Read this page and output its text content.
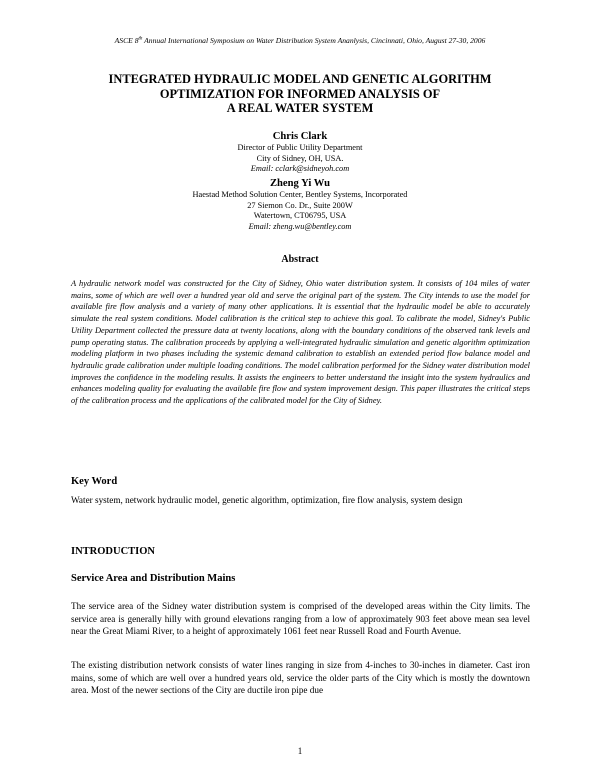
ASCE 8th Annual International Symposium on Water Distribution System Ananlysis, Cincinnati, Ohio, August 27-30, 2006
INTEGRATED HYDRAULIC MODEL AND GENETIC ALGORITHM
OPTIMIZATION FOR INFORMED ANALYSIS OF
A REAL WATER SYSTEM
Chris Clark
Director of Public Utility Department
City of Sidney, OH, USA.
Email: cclark@sidneyoh.com
Zheng Yi Wu
Haestad Method Solution Center, Bentley Systems, Incorporated
27 Siemon Co. Dr., Suite 200W
Watertown, CT06795, USA
Email: zheng.wu@bentley.com
Abstract
A hydraulic network model was constructed for the City of Sidney, Ohio water distribution system. It consists of 104 miles of water mains, some of which are well over a hundred year old and serve the original part of the system. The City intends to use the model for available fire flow analysis and a variety of many other applications. It is essential that the hydraulic model be able to accurately simulate the real system conditions. Model calibration is the critical step to achieve this goal. To calibrate the model, Sidney's Public Utility Department collected the pressure data at twenty locations, along with the boundary conditions of the observed tank levels and pump operating status. The calibration proceeds by applying a well-integrated hydraulic simulation and genetic algorithm optimization modeling platform in two phases including the systemic demand calibration to establish an extended period flow balance model and hydraulic grade calibration under multiple loading conditions. The model calibration performed for the Sidney water distribution model improves the confidence in the modeling results. It assists the engineers to better understand the insight into the system hydraulics and enhances modeling quality for evaluating the available fire flow and system improvement design. This paper illustrates the critical steps of the calibration process and the applications of the calibrated model for the City of Sidney.
Key Word
Water system, network hydraulic model, genetic algorithm, optimization, fire flow analysis, system design
INTRODUCTION
Service Area and Distribution Mains
The service area of the Sidney water distribution system is comprised of the developed areas within the City limits. The service area is generally hilly with ground elevations ranging from a low of approximately 903 feet above mean sea level near the Great Miami River, to a height of approximately 1061 feet near Russell Road and Fourth Avenue.
The existing distribution network consists of water lines ranging in size from 4-inches to 30-inches in diameter. Cast iron mains, some of which are well over a hundred years old, service the older parts of the City which is mostly the downtown area. Most of the newer sections of the City are ductile iron pipe due
1
